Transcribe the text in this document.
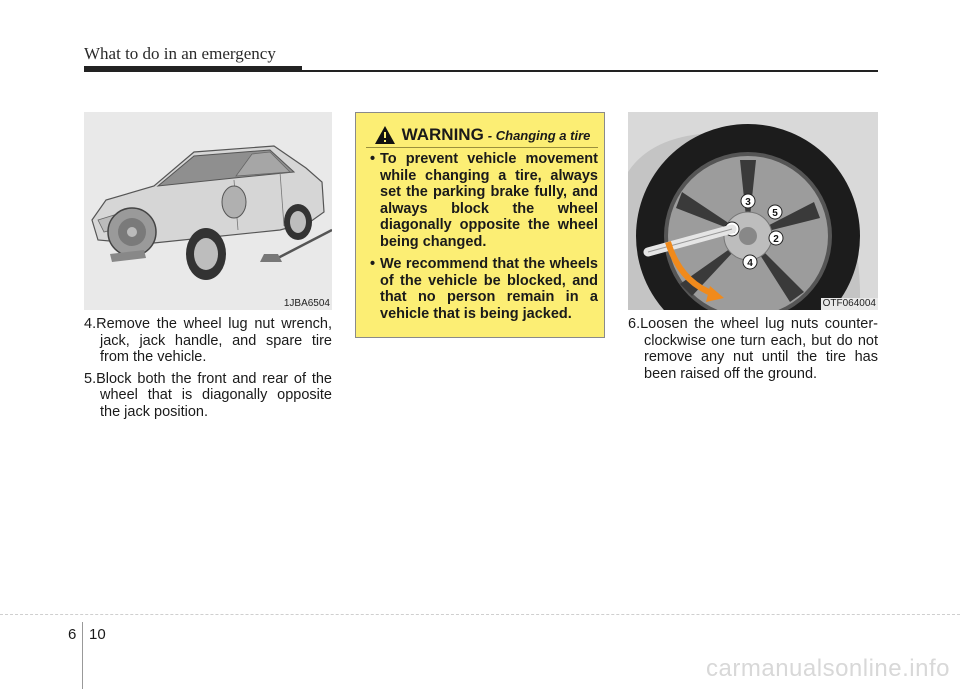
What to do in an emergency
1JBA6504

4.Remove the wheel lug nut wrench, jack, jack handle, and spare tire from the vehicle.

5.Block both the front and rear of the wheel that is diagonally opposite the jack position.

WARNING - Changing a tire
• To prevent vehicle movement while changing a tire, always set the parking brake fully, and always block the wheel diagonally opposite the wheel being changed.
• We recommend that the wheels of the vehicle be blocked, and that no person remain in a vehicle that is being jacked.
2
3
4
5
OTF064004

6.Loosen the wheel lug nuts counter-clockwise one turn each, but do not remove any nut until the tire has been raised off the ground.

6 10
carmanualsonline.info
